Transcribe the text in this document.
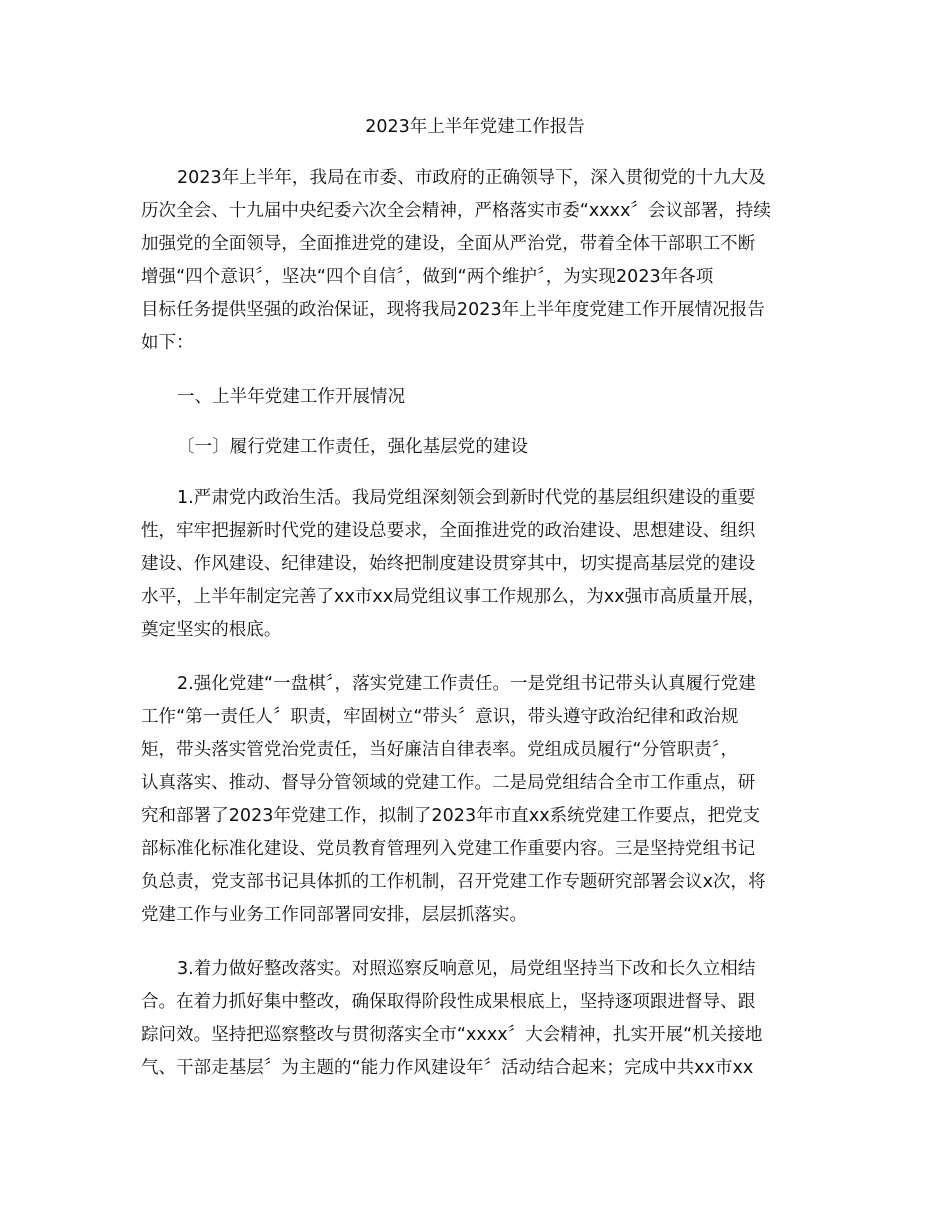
2023年上半年党建工作报告
2023年上半年，我局在市委、市政府的正确领导下，深入贯彻党的十九大及
历次全会、十九届中央纪委六次全会精神，严格落实市委“xxxx〞会议部署，持续
加强党的全面领导，全面推进党的建设，全面从严治党，带着全体干部职工不断
增强“四个意识〞，坚决“四个自信〞，做到“两个维护〞，为实现2023年各项
目标任务提供坚强的政治保证，现将我局2023年上半年度党建工作开展情况报告
如下：
一、上半年党建工作开展情况
〔一〕履行党建工作责任，强化基层党的建设
1.严肃党内政治生活。我局党组深刻领会到新时代党的基层组织建设的重要
性，牢牢把握新时代党的建设总要求，全面推进党的政治建设、思想建设、组织
建设、作风建设、纪律建设，始终把制度建设贯穿其中，切实提高基层党的建设
水平，上半年制定完善了xx市xx局党组议事工作规那么，为xx强市高质量开展，
奠定坚实的根底。
2.强化党建“一盘棋〞，落实党建工作责任。一是党组书记带头认真履行党建
工作“第一责任人〞职责，牢固树立“带头〞意识，带头遵守政治纪律和政治规
矩，带头落实管党治党责任，当好廉洁自律表率。党组成员履行“分管职责〞，
认真落实、推动、督导分管领域的党建工作。二是局党组结合全市工作重点，研
究和部署了2023年党建工作，拟制了2023年市直xx系统党建工作要点，把党支
部标准化标准化建设、党员教育管理列入党建工作重要内容。三是坚持党组书记
负总责，党支部书记具体抓的工作机制，召开党建工作专题研究部署会议x次，将
党建工作与业务工作同部署同安排，层层抓落实。
3.着力做好整改落实。对照巡察反响意见，局党组坚持当下改和长久立相结
合。在着力抓好集中整改，确保取得阶段性成果根底上，坚持逐项跟进督导、跟
踪问效。坚持把巡察整改与贯彻落实全市“xxxx〞大会精神，扎实开展“机关接地
气、干部走基层〞为主题的“能力作风建设年〞活动结合起来；完成中共xx市xx
